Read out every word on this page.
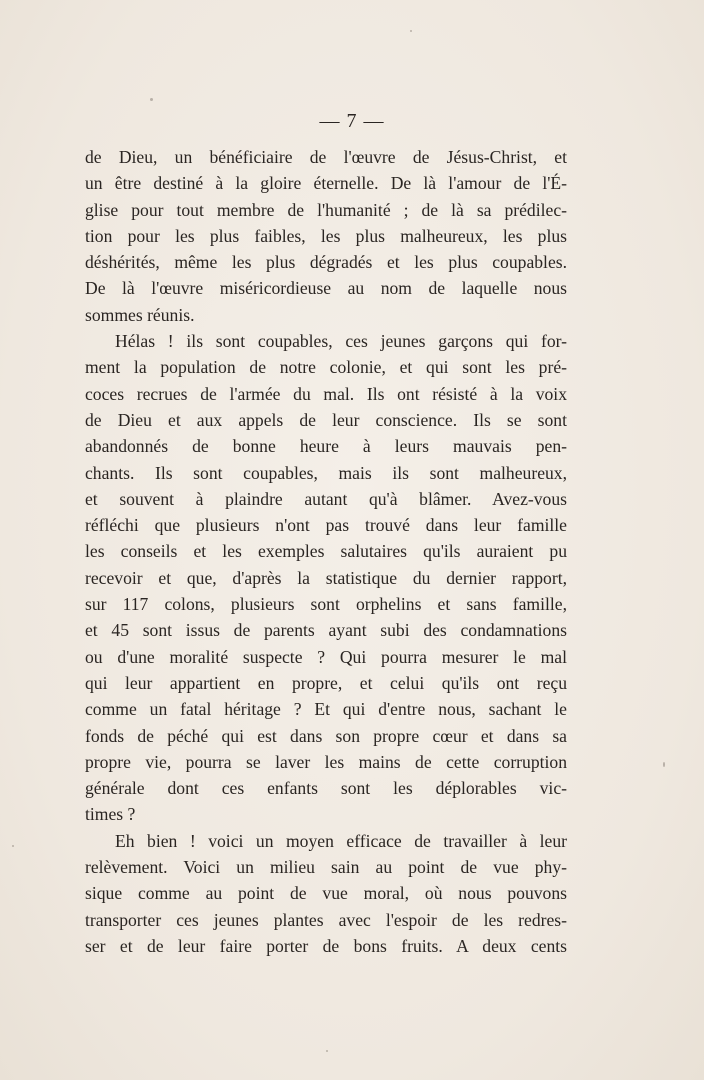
— 7 —
de Dieu, un bénéficiaire de l'œuvre de Jésus-Christ, et
un être destiné à la gloire éternelle. De là l'amour de l'É-
glise pour tout membre de l'humanité ; de là sa prédilec-
tion pour les plus faibles, les plus malheureux, les plus
déshérités, même les plus dégradés et les plus coupables.
De là l'œuvre miséricordieuse au nom de laquelle nous
sommes réunis.
Hélas ! ils sont coupables, ces jeunes garçons qui for-
ment la population de notre colonie, et qui sont les pré-
coces recrues de l'armée du mal. Ils ont résisté à la voix
de Dieu et aux appels de leur conscience. Ils se sont
abandonnés de bonne heure à leurs mauvais pen-
chants. Ils sont coupables, mais ils sont malheureux,
et souvent à plaindre autant qu'à blâmer. Avez-vous
réfléchi que plusieurs n'ont pas trouvé dans leur famille
les conseils et les exemples salutaires qu'ils auraient pu
recevoir et que, d'après la statistique du dernier rapport,
sur 117 colons, plusieurs sont orphelins et sans famille,
et 45 sont issus de parents ayant subi des condamnations
ou d'une moralité suspecte ? Qui pourra mesurer le mal
qui leur appartient en propre, et celui qu'ils ont reçu
comme un fatal héritage ? Et qui d'entre nous, sachant le
fonds de péché qui est dans son propre cœur et dans sa
propre vie, pourra se laver les mains de cette corruption
générale dont ces enfants sont les déplorables vic-
times ?
Eh bien ! voici un moyen efficace de travailler à leur
relèvement. Voici un milieu sain au point de vue phy-
sique comme au point de vue moral, où nous pouvons
transporter ces jeunes plantes avec l'espoir de les redres-
ser et de leur faire porter de bons fruits. A deux cents
